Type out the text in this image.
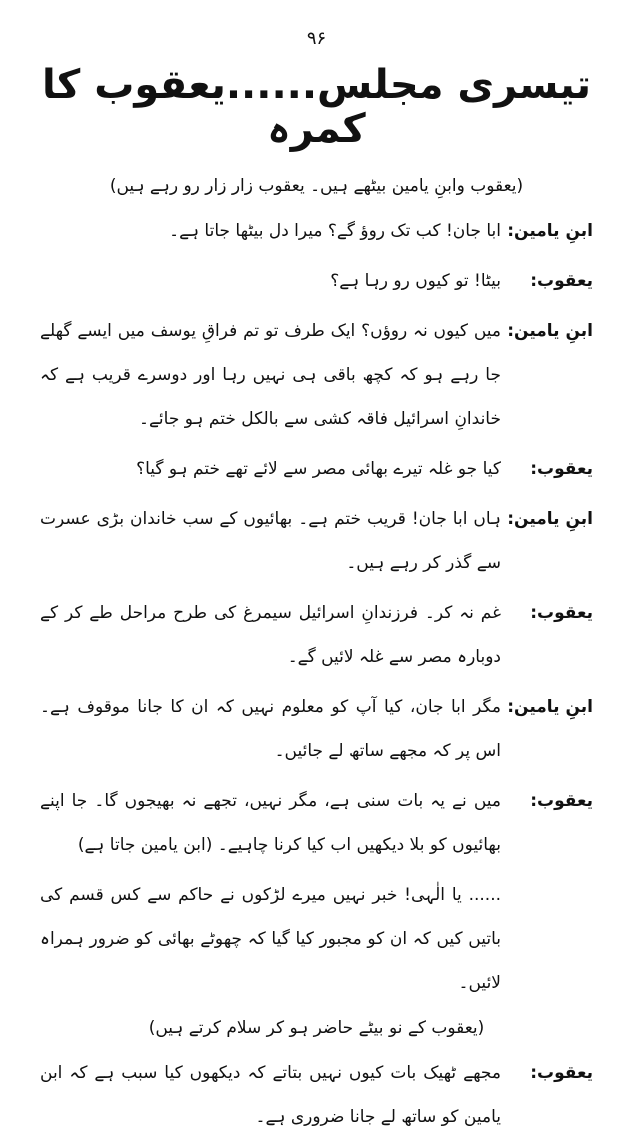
۹۶
تیسری مجلس......یعقوب کا کمرہ
(یعقوب وابنِ یامین بیٹھے ہیں۔ یعقوب زار زار رو رہے ہیں)
ابنِ یامین:
ابا جان! کب تک روؤ گے؟ میرا دل بیٹھا جاتا ہے۔
یعقوب:
بیٹا! تو کیوں رو رہا ہے؟
ابنِ یامین:
میں کیوں نہ روؤں؟ ایک طرف تو تم فراقِ یوسف میں ایسے گھلے جا رہے ہو کہ کچھ باقی ہی نہیں رہا اور دوسرے قریب ہے کہ خاندانِ اسرائیل فاقہ کشی سے بالکل ختم ہو جائے۔
یعقوب:
کیا جو غلہ تیرے بھائی مصر سے لائے تھے ختم ہو گیا؟
ابنِ یامین:
ہاں ابا جان! قریب ختم ہے۔ بھائیوں کے سب خاندان بڑی عسرت سے گذر کر رہے ہیں۔
یعقوب:
غم نہ کر۔ فرزندانِ اسرائیل سیمرغ کی طرح مراحل طے کر کے دوبارہ مصر سے غلہ لائیں گے۔
ابنِ یامین:
مگر ابا جان، کیا آپ کو معلوم نہیں کہ ان کا جانا موقوف ہے۔ اس پر کہ مجھے ساتھ لے جائیں۔
یعقوب:
میں نے یہ بات سنی ہے، مگر نہیں، تجھے نہ بھیجوں گا۔ جا اپنے بھائیوں کو بلا دیکھیں اب کیا کرنا چاہیے۔ (ابن یامین جاتا ہے)
...... یا الٰہی! خبر نہیں میرے لڑکوں نے حاکم سے کس قسم کی باتیں کیں کہ ان کو مجبور کیا گیا کہ چھوٹے بھائی کو ضرور ہمراہ لائیں۔
(یعقوب کے نو بیٹے حاضر ہو کر سلام کرتے ہیں)
یعقوب:
مجھے ٹھیک بات کیوں نہیں بتاتے کہ دیکھوں کیا سبب ہے کہ ابن یامین کو ساتھ لے جانا ضروری ہے۔
